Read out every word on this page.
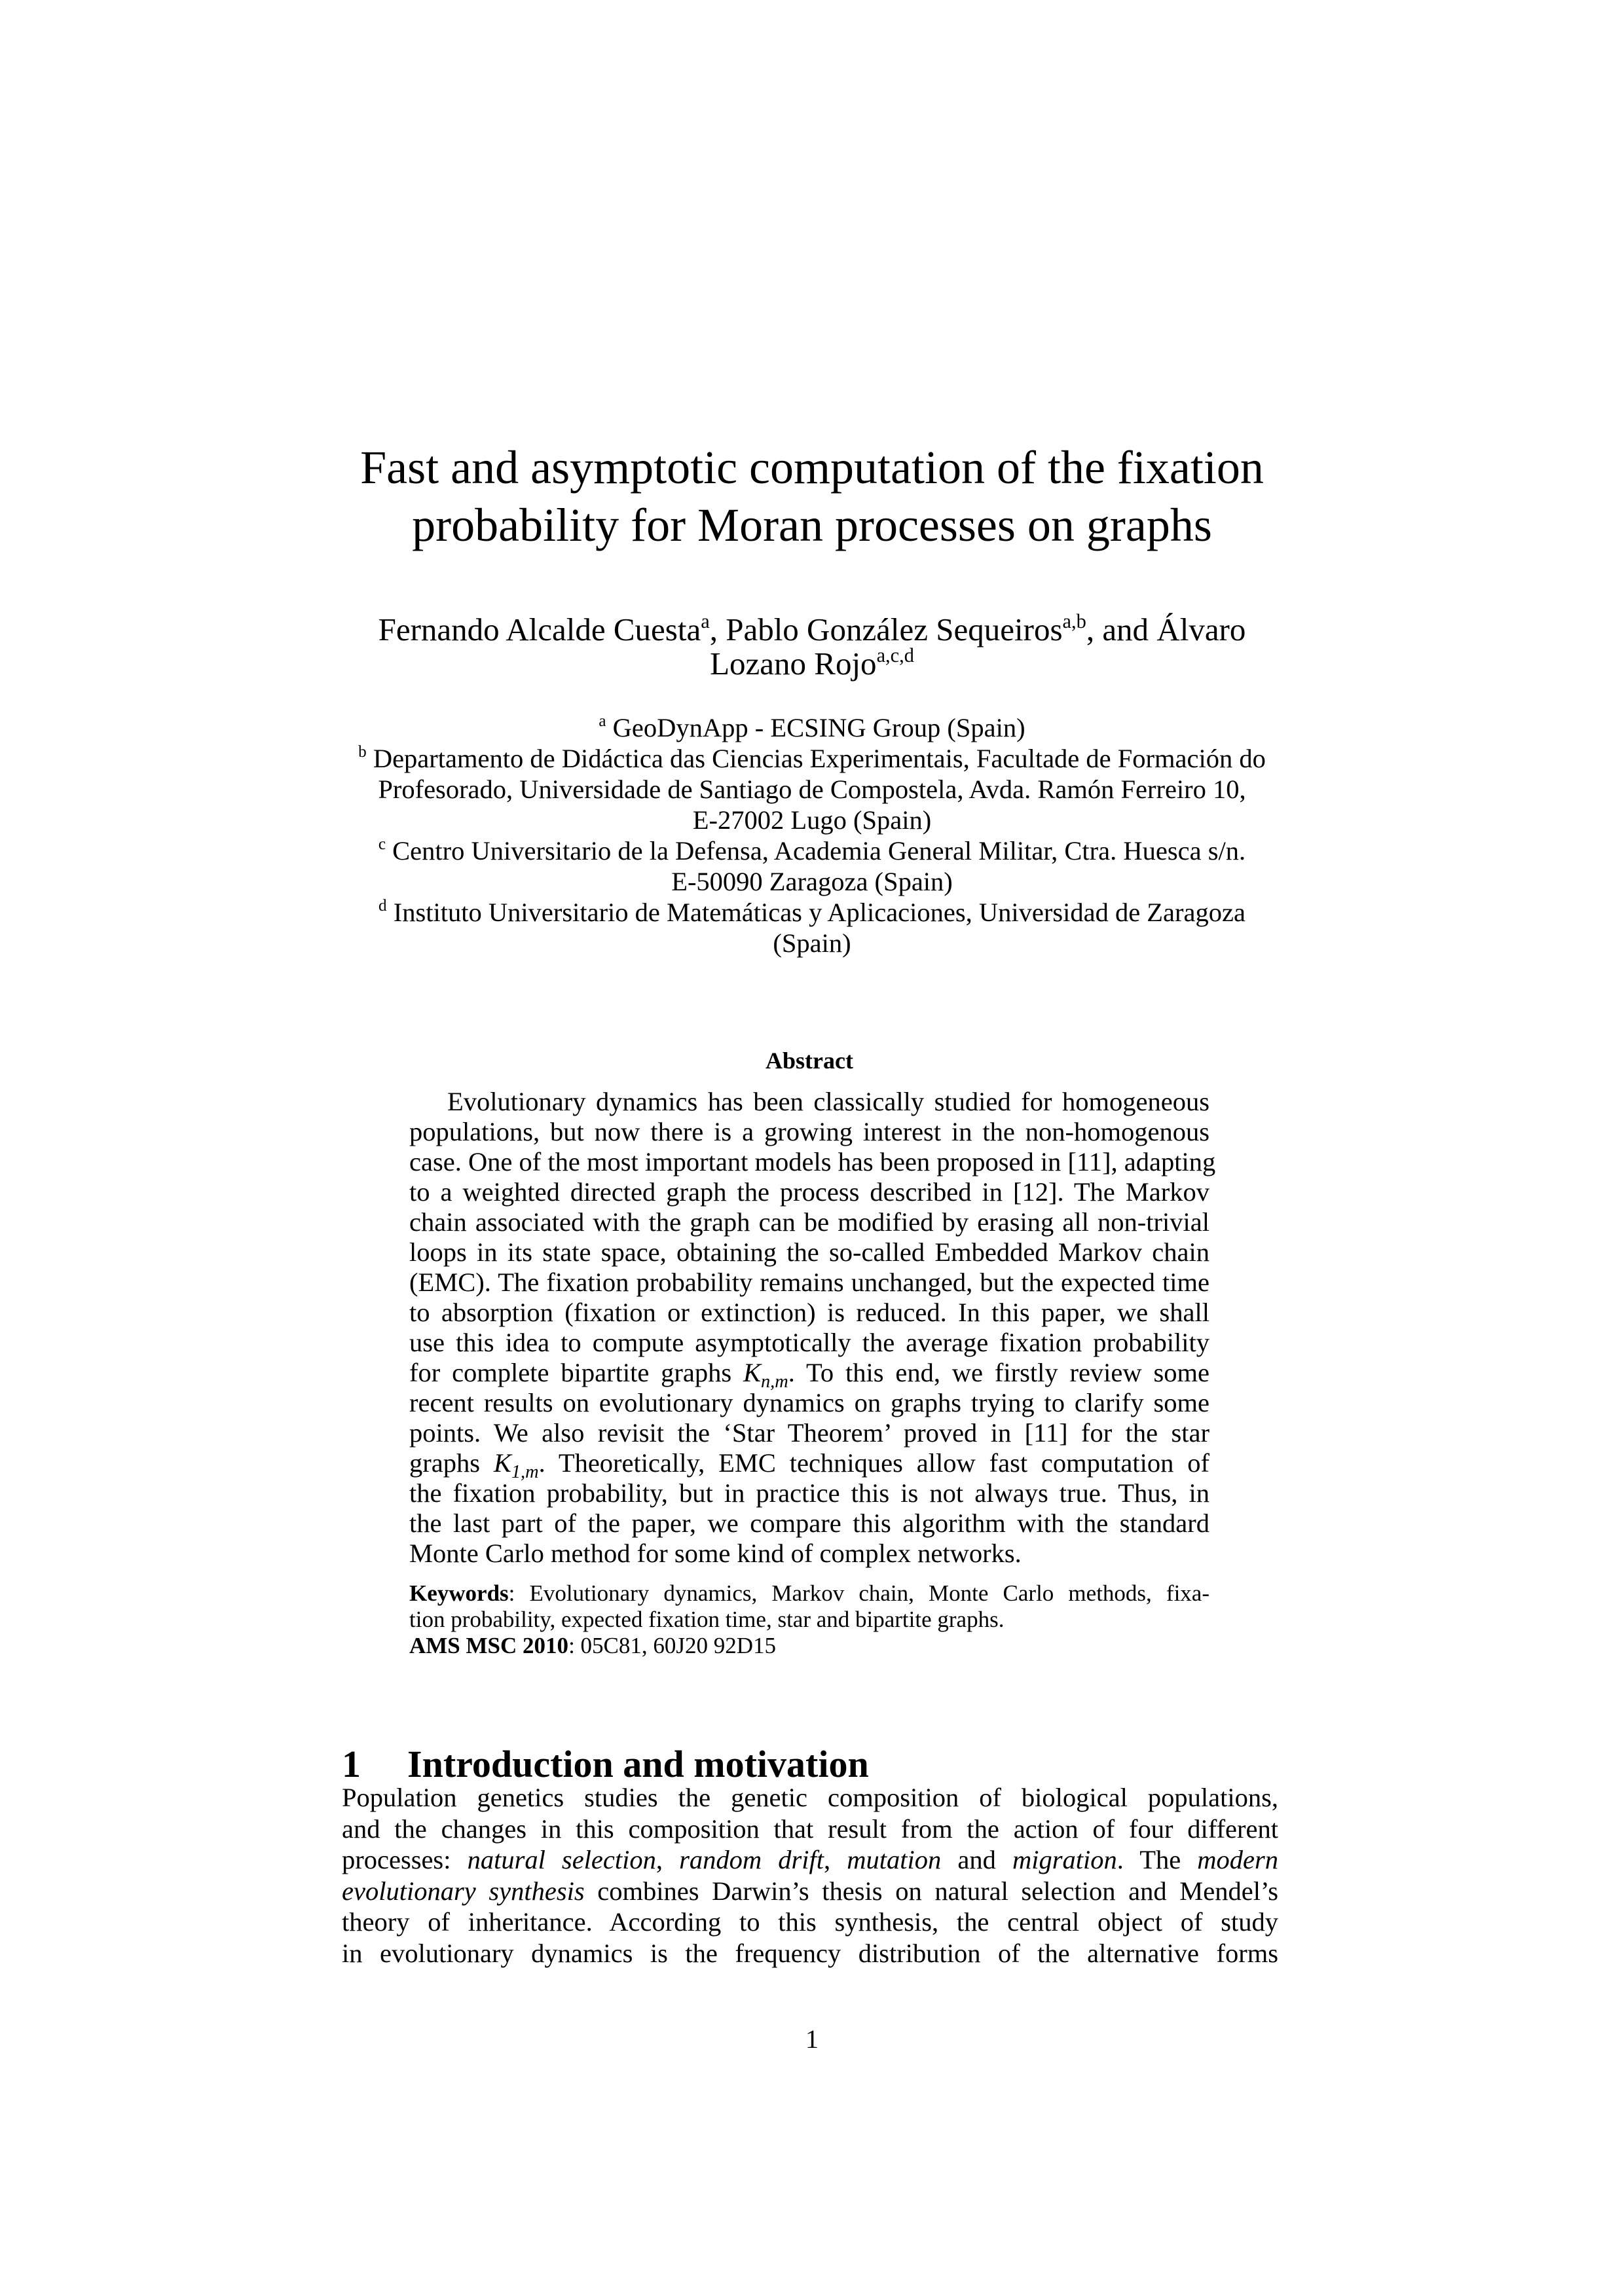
Fast and asymptotic computation of the fixation
probability for Moran processes on graphs
Fernando Alcalde Cuesta$^a$, Pablo González Sequeiros$^{a,b}$, and Álvaro
Lozano Rojo$^{a,c,d}$
$^a$ GeoDynApp - ECSING Group (Spain)
$^b$ Departamento de Didáctica das Ciencias Experimentais, Facultade de Formación do
Profesorado, Universidade de Santiago de Compostela, Avda. Ramón Ferreiro 10,
E-27002 Lugo (Spain)
$^c$ Centro Universitario de la Defensa, Academia General Militar, Ctra. Huesca s/n.
E-50090 Zaragoza (Spain)
$^d$ Instituto Universitario de Matemáticas y Aplicaciones, Universidad de Zaragoza
(Spain)
Abstract
Evolutionary dynamics has been classically studied for homogeneous
populations, but now there is a growing interest in the non-homogenous
case. One of the most important models has been proposed in [11], adapting
to a weighted directed graph the process described in [12]. The Markov
chain associated with the graph can be modified by erasing all non-trivial
loops in its state space, obtaining the so-called Embedded Markov chain
(EMC). The fixation probability remains unchanged, but the expected time
to absorption (fixation or extinction) is reduced. In this paper, we shall
use this idea to compute asymptotically the average fixation probability
for complete bipartite graphs $K_{n,m}$. To this end, we firstly review some
recent results on evolutionary dynamics on graphs trying to clarify some
points. We also revisit the ‘Star Theorem’ proved in [11] for the star
graphs $K_{1,m}$. Theoretically, EMC techniques allow fast computation of
the fixation probability, but in practice this is not always true. Thus, in
the last part of the paper, we compare this algorithm with the standard
Monte Carlo method for some kind of complex networks.
Keywords: Evolutionary dynamics, Markov chain, Monte Carlo methods, fixa-
tion probability, expected fixation time, star and bipartite graphs.
AMS MSC 2010: 05C81, 60J20 92D15
1 Introduction and motivation
Population genetics studies the genetic composition of biological populations,
and the changes in this composition that result from the action of four different
processes: natural selection, random drift, mutation and migration. The modern
evolutionary synthesis combines Darwin’s thesis on natural selection and Mendel’s
theory of inheritance. According to this synthesis, the central object of study
in evolutionary dynamics is the frequency distribution of the alternative forms
1
